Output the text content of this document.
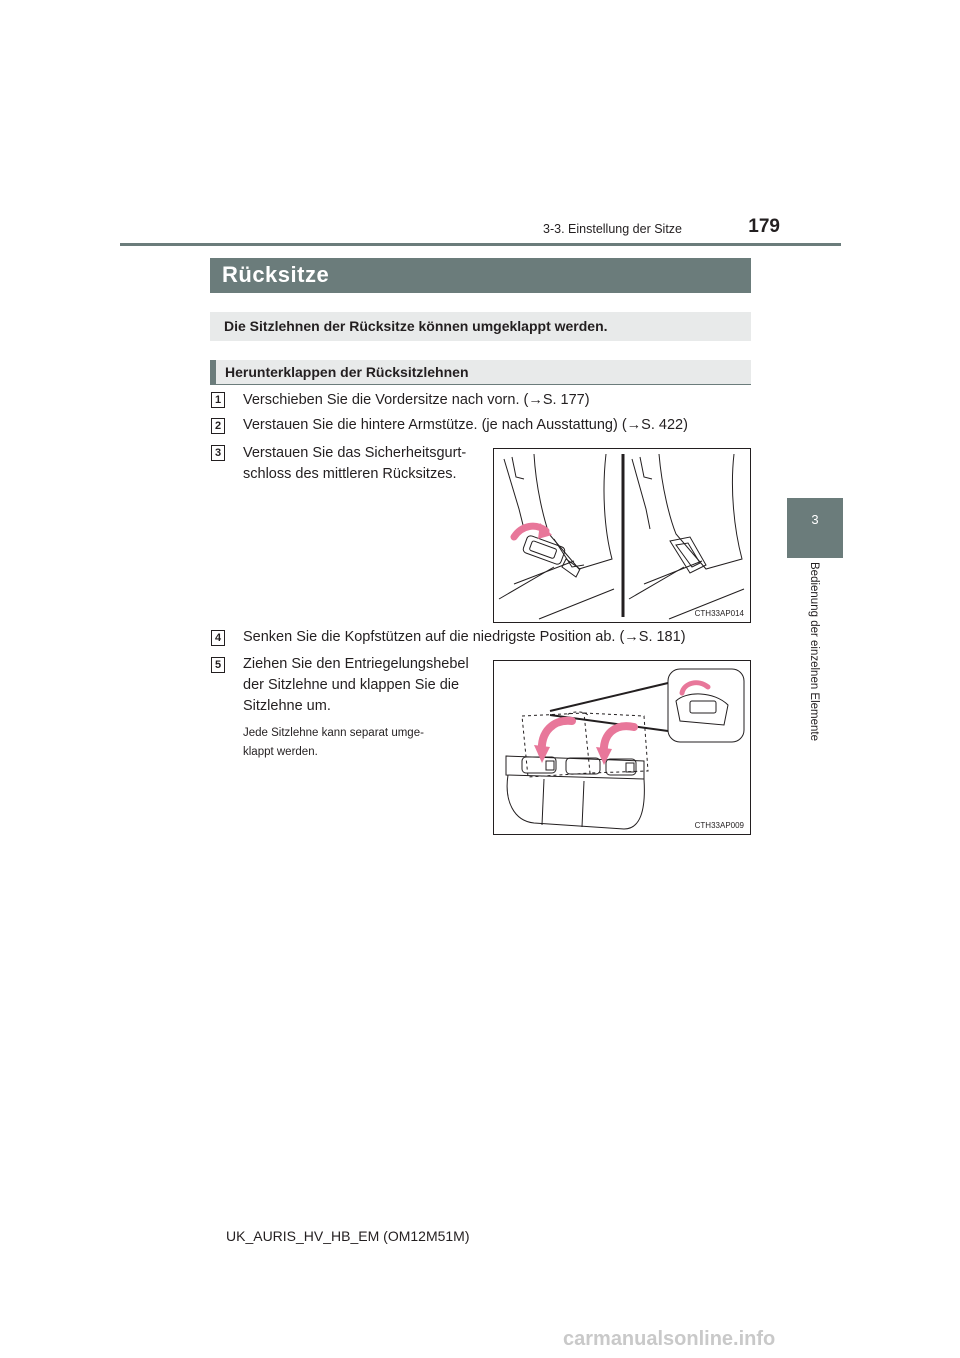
3-3. Einstellung der Sitze	179
3
Bedienung der einzelnen Elemente
Rücksitze
Die Sitzlehnen der Rücksitze können umgeklappt werden.
Herunterklappen der Rücksitzlehnen
1 Verschieben Sie die Vordersitze nach vorn. (→S. 177)
2 Verstauen Sie die hintere Armstütze. (je nach Ausstattung) (→S. 422)
3 Verstauen Sie das Sicherheitsgurt-
schloss des mittleren Rücksitzes.
CTH33AP014
4 Senken Sie die Kopfstützen auf die niedrigste Position ab. (→S. 181)
5 Ziehen Sie den Entriegelungshebel
der Sitzlehne und klappen Sie die
Sitzlehne um.
Jede Sitzlehne kann separat umge-
klappt werden.
CTH33AP009
UK_AURIS_HV_HB_EM (OM12M51M)
carmanualsonline.info
